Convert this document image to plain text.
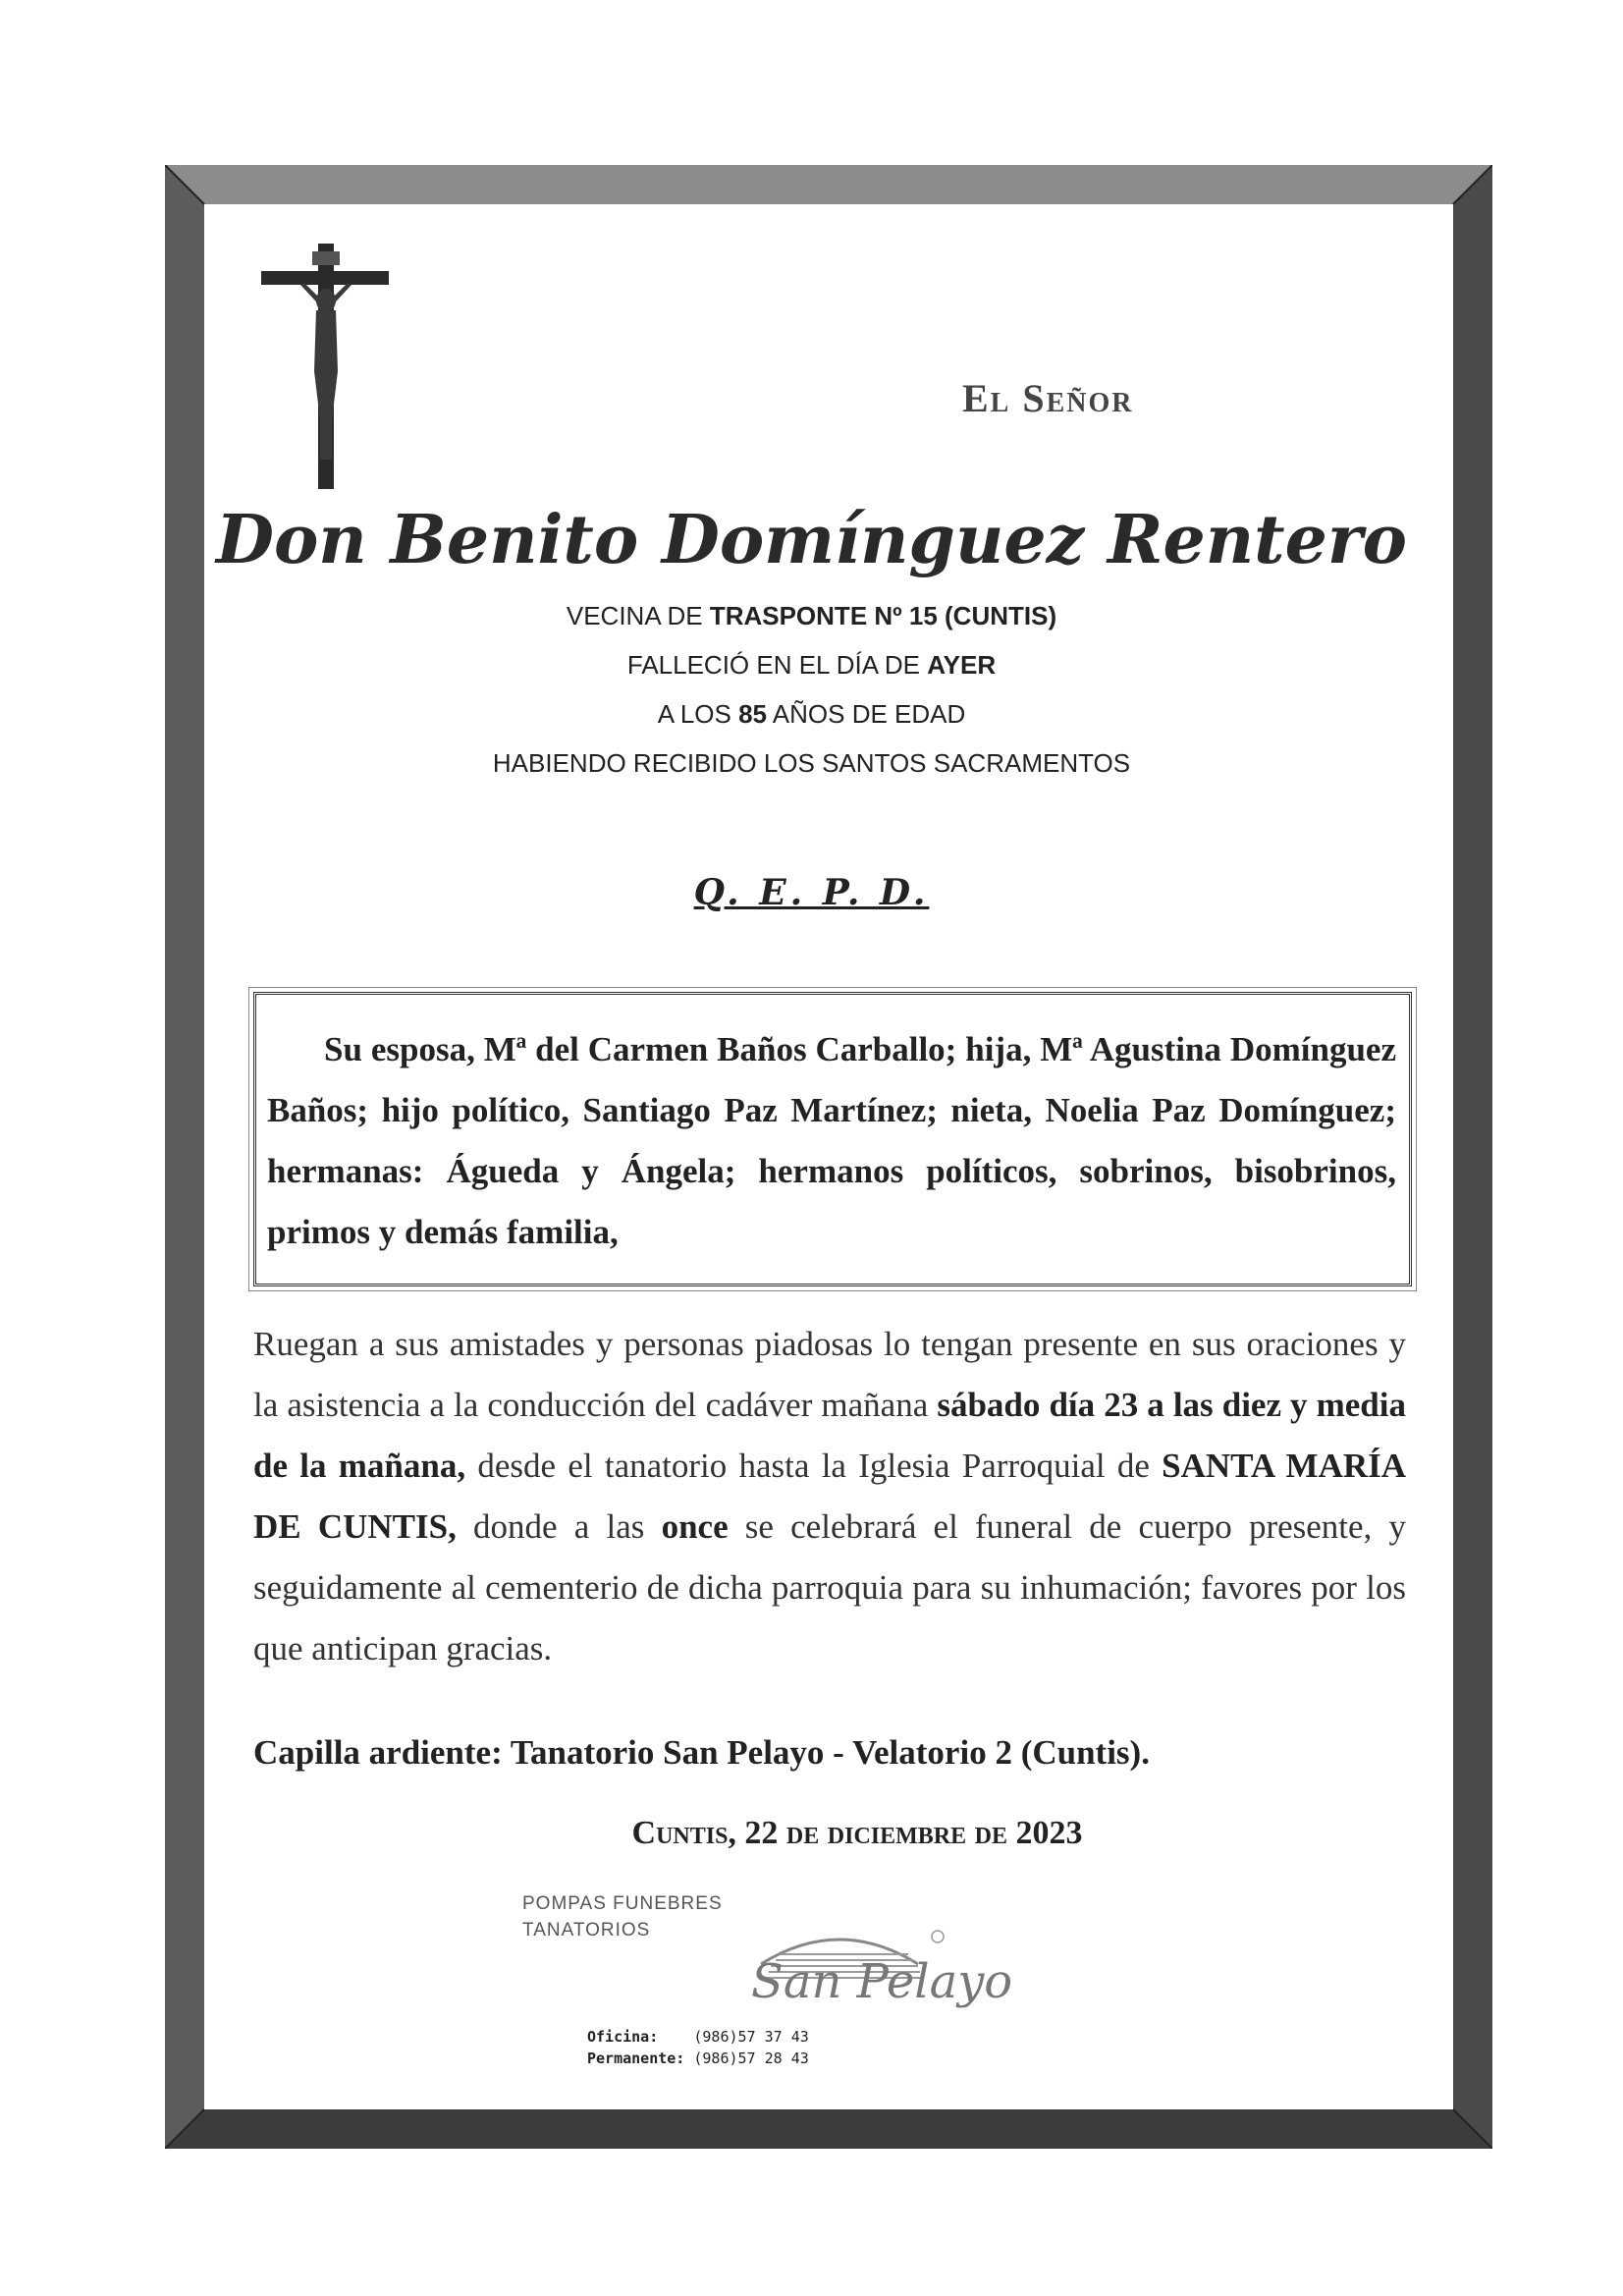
El Señor
Don Benito Domínguez Rentero
VECINA DE TRASPONTE Nº 15 (CUNTIS)
FALLECIÓ EN EL DÍA DE AYER
A LOS 85 AÑOS DE EDAD
HABIENDO RECIBIDO LOS SANTOS SACRAMENTOS
Q. E. P. D.
Su esposa, Mª del Carmen Baños Carballo; hija, Mª Agustina Domínguez Baños; hijo político, Santiago Paz Martínez; nieta, Noelia Paz Domínguez; hermanas: Águeda y Ángela; hermanos políticos, sobrinos, bisobrinos, primos y demás familia,
Ruegan a sus amistades y personas piadosas lo tengan presente en sus oraciones y la asistencia a la conducción del cadáver mañana sábado día 23 a las diez y media de la mañana, desde el tanatorio hasta la Iglesia Parroquial de SANTA MARÍA DE CUNTIS, donde a las once se celebrará el funeral de cuerpo presente, y seguidamente al cementerio de dicha parroquia para su inhumación; favores por los que anticipan gracias.
Capilla ardiente: Tanatorio San Pelayo - Velatorio 2 (Cuntis).
Cuntis, 22 de diciembre de 2023
POMPAS FUNEBRES
TANATORIOS
San Pelayo
Oficina: (986)57 37 43
Permanente: (986)57 28 43
